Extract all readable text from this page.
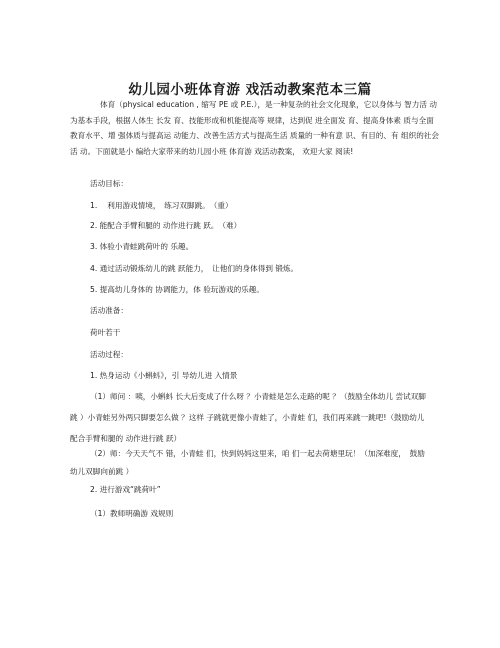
幼儿园小班体育游 戏活动教案范本三篇

体育（physical education , 缩写 PE 或 P.E.），是一种复杂的社会文化现象，它以身体与 智力活 动为基本手段，根据人体生 长发 育、技能形成和机能提高等 规律，达到促 进全面发 育、提高身体素 质与全面教育水平、增 强体质与提高运 动能力、改善生活方式与提高生活 质量的一种有意 识、有目的、有 组织的社会活 动。下面就是小 编给大家带来的幼儿园小班 体育游 戏活动教案， 欢迎大家 阅读!

活动目标：

1.　 利用游戏情境，　练习双脚跳。　（重）

2. 能配合手臂和腿的 动作进行跳 跃。　（难）

3. 体验小青蛙跳荷叶的 乐趣。

4. 通过活动锻炼幼儿的跳 跃能力，　让他们的身体得到 锻炼。

5. 提高幼儿身体的 协调能力，体 验玩游戏的乐趣。

活动准备：

荷叶若干

活动过程：

1. 热身运动《小蝌蚪》，引 导幼儿进 入情景

（1）师问 ：咦，小蝌蚪 长大后变成了什么呀 ？小青蛙是怎么走路的呢 ？（鼓励全体幼儿 尝试双脚跳 ）小青蛙另外两只脚要怎么做 ？这样 子跳就更像小青蛙了，小青蛙 们，我们再来跳一跳吧!（鼓励幼儿配合手臂和腿的 动作进行跳 跃）

（2）师：今天天气不 错，小青蛙 们，快到妈妈这里来，咱 们一起去荷塘里玩！（加深难度，　鼓励幼儿双脚向前跳 ）

2. 进行游戏“跳荷叶”

（1）教师明确游 戏规则
